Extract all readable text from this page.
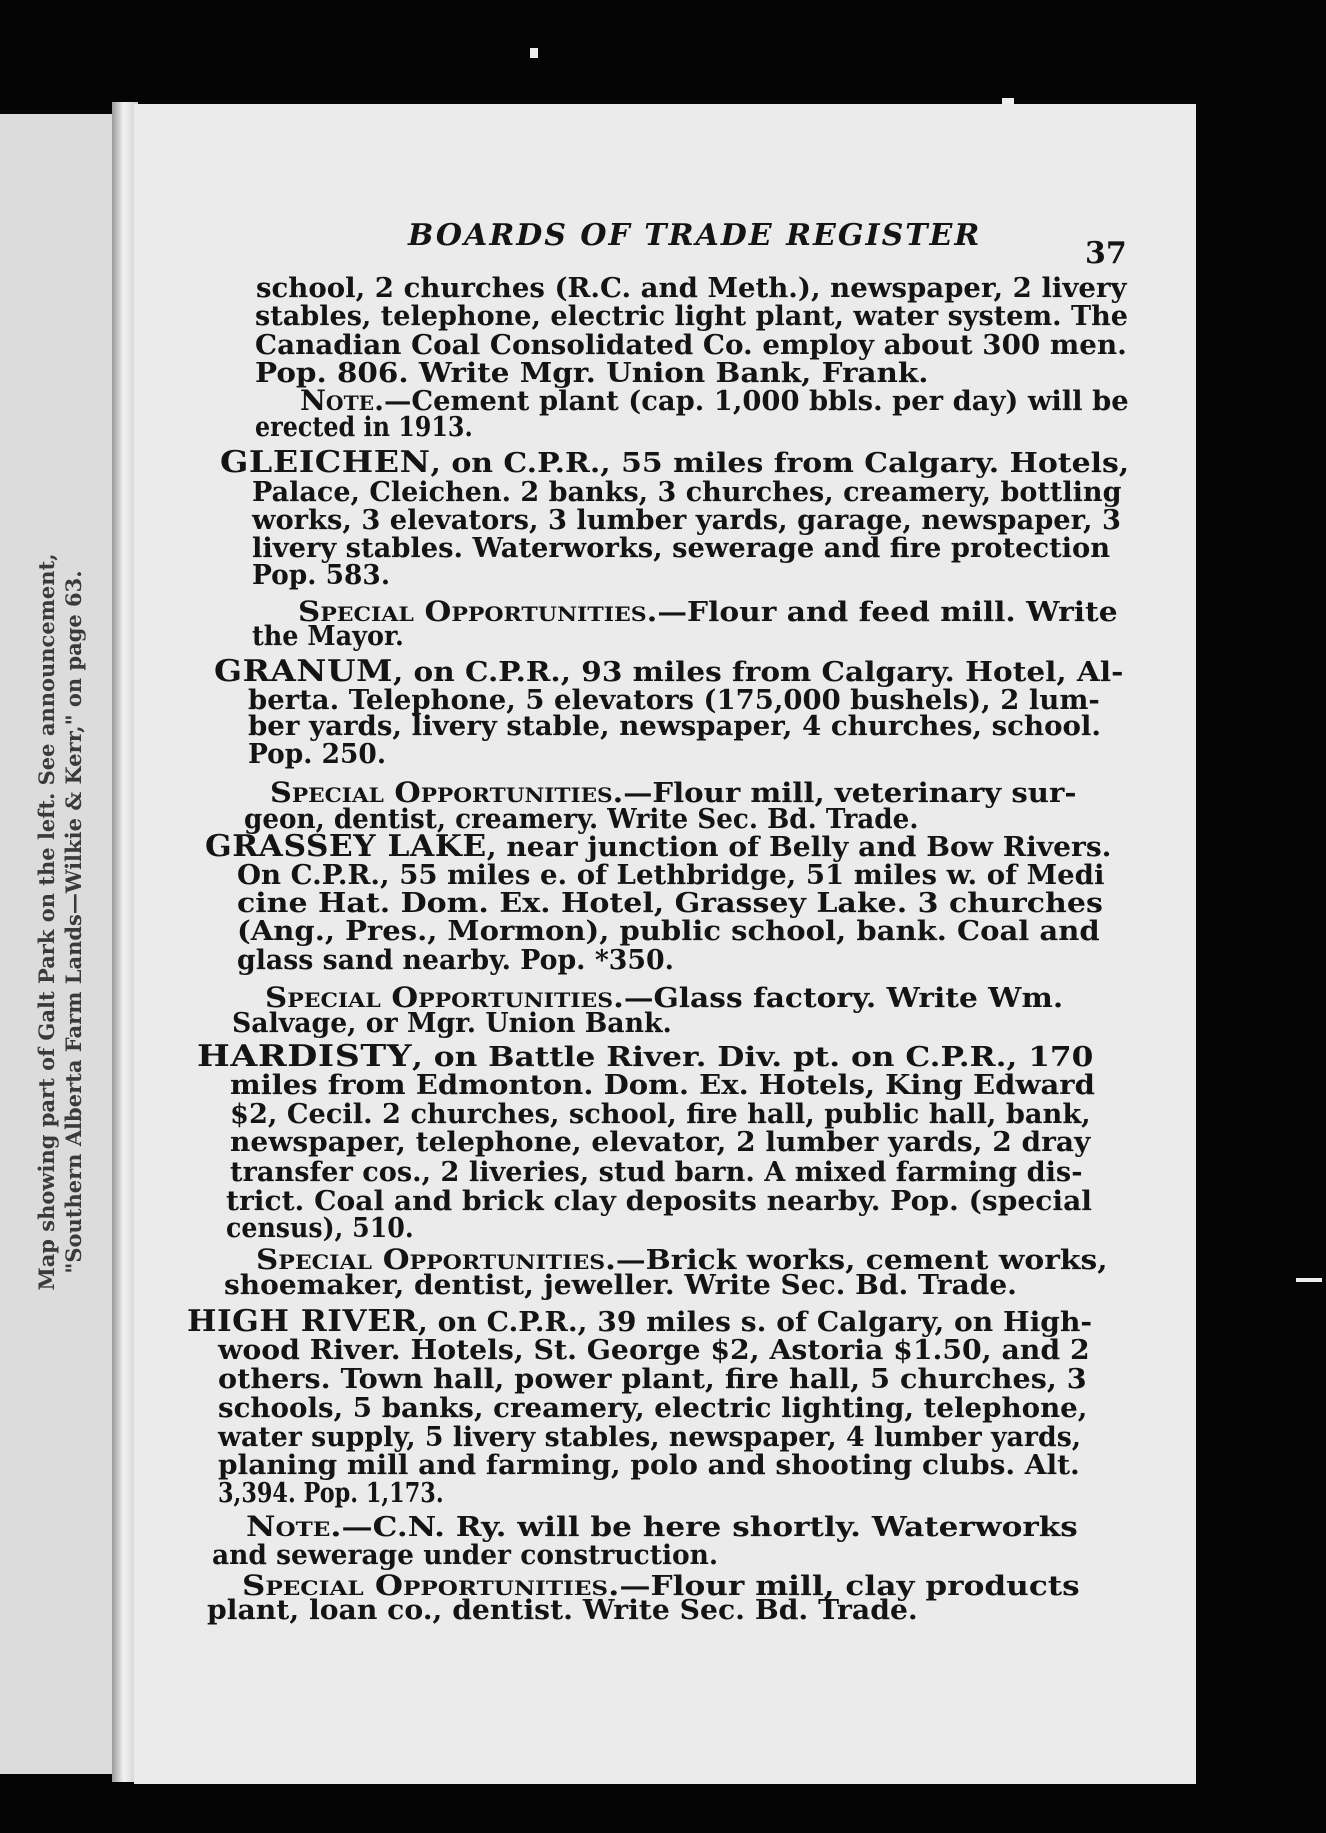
Map showing part of Galt Park on the left. See announcement, "Southern Alberta Farm Lands—Wilkie & Kerr," on page 63.
BOARDS OF TRADE REGISTER
37
school, 2 churches (R.C. and Meth.), newspaper, 2 livery
stables, telephone, electric light plant, water system. The
Canadian Coal Consolidated Co. employ about 300 men.
Pop. 806. Write Mgr. Union Bank, Frank.
Note.—Cement plant (cap. 1,000 bbls. per day) will be
erected in 1913.
GLEICHEN, on C.P.R., 55 miles from Calgary. Hotels,
Palace, Cleichen. 2 banks, 3 churches, creamery, bottling
works, 3 elevators, 3 lumber yards, garage, newspaper, 3
livery stables. Waterworks, sewerage and fire protection
Pop. 583.
Special Opportunities.—Flour and feed mill. Write
the Mayor.
GRANUM, on C.P.R., 93 miles from Calgary. Hotel, Al-
berta. Telephone, 5 elevators (175,000 bushels), 2 lum-
ber yards, livery stable, newspaper, 4 churches, school.
Pop. 250.
Special Opportunities.—Flour mill, veterinary sur-
geon, dentist, creamery. Write Sec. Bd. Trade.
GRASSEY LAKE, near junction of Belly and Bow Rivers.
On C.P.R., 55 miles e. of Lethbridge, 51 miles w. of Medi
cine Hat. Dom. Ex. Hotel, Grassey Lake. 3 churches
(Ang., Pres., Mormon), public school, bank. Coal and
glass sand nearby. Pop. *350.
Special Opportunities.—Glass factory. Write Wm.
Salvage, or Mgr. Union Bank.
HARDISTY, on Battle River. Div. pt. on C.P.R., 170
miles from Edmonton. Dom. Ex. Hotels, King Edward
$2, Cecil. 2 churches, school, fire hall, public hall, bank,
newspaper, telephone, elevator, 2 lumber yards, 2 dray
transfer cos., 2 liveries, stud barn. A mixed farming dis-
trict. Coal and brick clay deposits nearby. Pop. (special
census), 510.
Special Opportunities.—Brick works, cement works,
shoemaker, dentist, jeweller. Write Sec. Bd. Trade.
HIGH RIVER, on C.P.R., 39 miles s. of Calgary, on High-
wood River. Hotels, St. George $2, Astoria $1.50, and 2
others. Town hall, power plant, fire hall, 5 churches, 3
schools, 5 banks, creamery, electric lighting, telephone,
water supply, 5 livery stables, newspaper, 4 lumber yards,
planing mill and farming, polo and shooting clubs. Alt.
3,394. Pop. 1,173.
Note.—C.N. Ry. will be here shortly. Waterworks
and sewerage under construction.
Special Opportunities.—Flour mill, clay products
plant, loan co., dentist. Write Sec. Bd. Trade.
